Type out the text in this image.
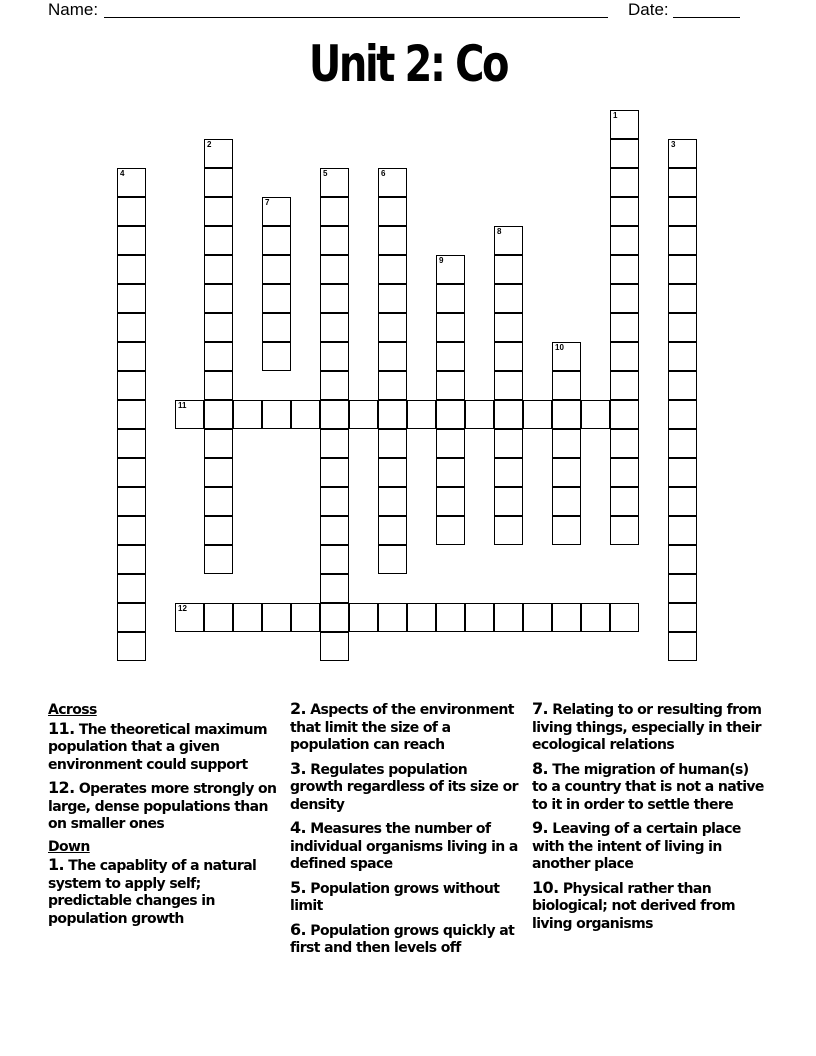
Name:	Date:
Unit 2: Co
1
2	3
4	5	6
7
8
9
10
11
12
Across
11. The theoretical maximum population that a given environment could support
12. Operates more strongly on large, dense populations than on smaller ones
Down
1. The capablity of a natural system to apply self; predictable changes in population growth
2. Aspects of the environment that limit the size of a population can reach
3. Regulates population growth regardless of its size or density
4. Measures the number of individual organisms living in a defined space
5. Population grows without limit
6. Population grows quickly at first and then levels off
7. Relating to or resulting from living things, especially in their ecological relations
8. The migration of human(s) to a country that is not a native to it in order to settle there
9. Leaving of a certain place with the intent of living in another place
10. Physical rather than biological; not derived from living organisms
